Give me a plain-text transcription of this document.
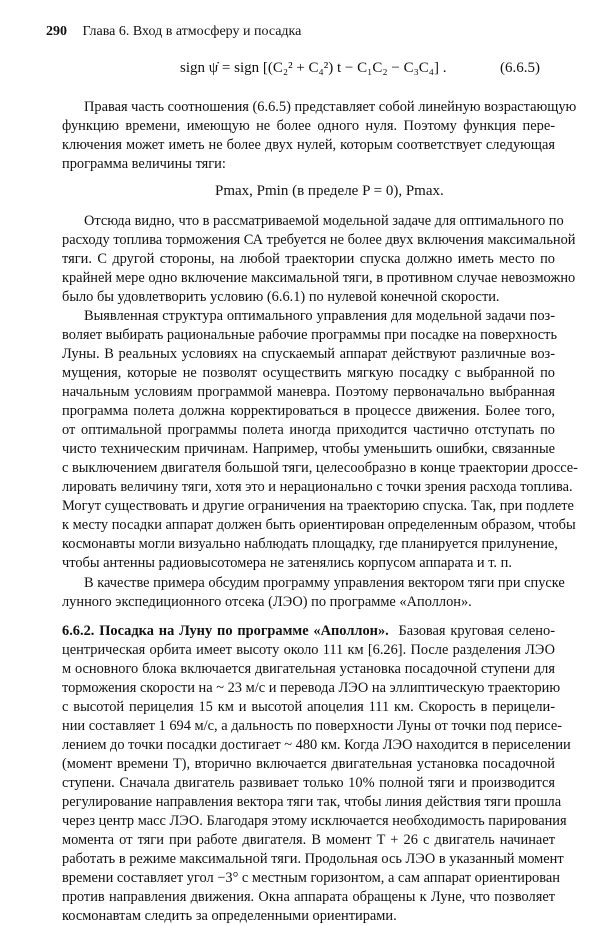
290 Глава 6. Вход в атмосферу и посадка
sign ψ̇ = sign [(C₂² + C₄²) t − C₁C₂ − C₃C₄] .	(6.6.5)
Правая часть соотношения (6.6.5) представляет собой линейную возрастающую
функцию времени, имеющую не более одного нуля. Поэтому функция пере-
ключения может иметь не более двух нулей, которым соответствует следующая
программа величины тяги:
Pmax, Pmin (в пределе P = 0), Pmax.
Отсюда видно, что в рассматриваемой модельной задаче для оптимального по
расходу топлива торможения СА требуется не более двух включения максимальной
тяги. С другой стороны, на любой траектории спуска должно иметь место по
крайней мере одно включение максимальной тяги, в противном случае невозможно
было бы удовлетворить условию (6.6.1) по нулевой конечной скорости.
Выявленная структура оптимального управления для модельной задачи поз-
воляет выбирать рациональные рабочие программы при посадке на поверхность
Луны. В реальных условиях на спускаемый аппарат действуют различные воз-
мущения, которые не позволят осуществить мягкую посадку с выбранной по
начальным условиям программой маневра. Поэтому первоначально выбранная
программа полета должна корректироваться в процессе движения. Более того,
от оптимальной программы полета иногда приходится частично отступать по
чисто техническим причинам. Например, чтобы уменьшить ошибки, связанные
с выключением двигателя большой тяги, целесообразно в конце траектории дроссе-
лировать величину тяги, хотя это и нерационально с точки зрения расхода топлива.
Могут существовать и другие ограничения на траекторию спуска. Так, при подлете
к месту посадки аппарат должен быть ориентирован определенным образом, чтобы
космонавты могли визуально наблюдать площадку, где планируется прилунение,
чтобы антенны радиовысотомера не затенялись корпусом аппарата и т. п.
В качестве примера обсудим программу управления вектором тяги при спуске
лунного экспедиционного отсека (ЛЭО) по программе «Аполлон».
6.6.2. Посадка на Луну по программе «Аполлон». Базовая круговая селено-
центрическая орбита имеет высоту около 111 км [6.26]. После разделения ЛЭО
м основного блока включается двигательная установка посадочной ступени для
торможения скорости на ~ 23 м/с и перевода ЛЭО на эллиптическую траекторию
с высотой перицелия 15 км и высотой апоцелия 111 км. Скорость в перицели-
нии составляет 1 694 м/с, а дальность по поверхности Луны от точки под перисе-
лением до точки посадки достигает ~ 480 км. Когда ЛЭО находится в периселении
(момент времени T), вторично включается двигательная установка посадочной
ступени. Сначала двигатель развивает только 10% полной тяги и производится
регулирование направления вектора тяги так, чтобы линия действия тяги прошла
через центр масс ЛЭО. Благодаря этому исключается необходимость парирования
момента от тяги при работе двигателя. В момент T + 26 с двигатель начинает
работать в режиме максимальной тяги. Продольная ось ЛЭО в указанный момент
времени составляет угол −3° с местным горизонтом, а сам аппарат ориентирован
против направления движения. Окна аппарата обращены к Луне, что позволяет
космонавтам следить за определенными ориентирами.
